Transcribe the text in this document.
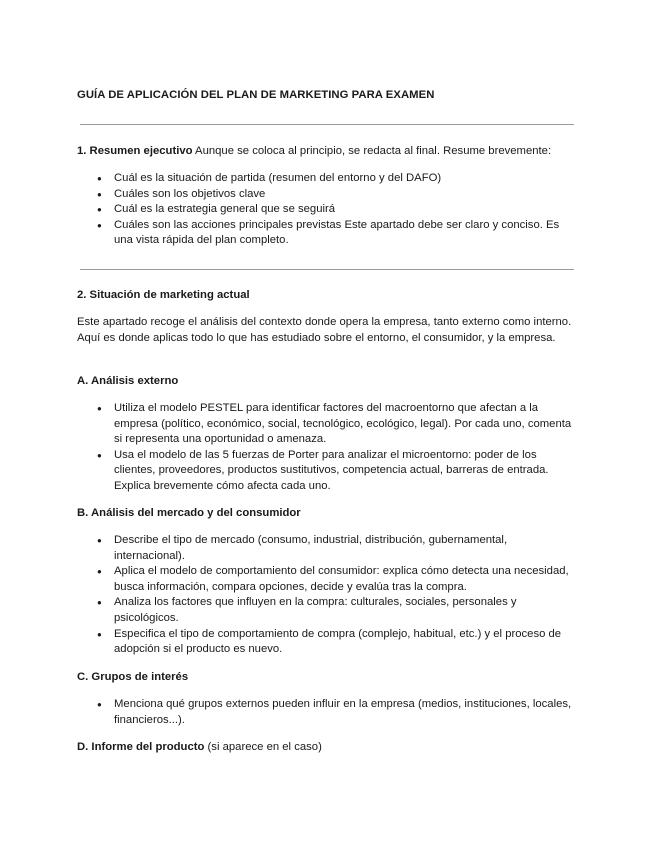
GUÍA DE APLICACIÓN DEL PLAN DE MARKETING PARA EXAMEN

1. Resumen ejecutivo Aunque se coloca al principio, se redacta al final. Resume brevemente:

● Cuál es la situación de partida (resumen del entorno y del DAFO)
● Cuáles son los objetivos clave
● Cuál es la estrategia general que se seguirá
● Cuáles son las acciones principales previstas Este apartado debe ser claro y conciso. Es una vista rápida del plan completo.

2. Situación de marketing actual

Este apartado recoge el análisis del contexto donde opera la empresa, tanto externo como interno. Aquí es donde aplicas todo lo que has estudiado sobre el entorno, el consumidor, y la empresa.

A. Análisis externo

● Utiliza el modelo PESTEL para identificar factores del macroentorno que afectan a la empresa (político, económico, social, tecnológico, ecológico, legal). Por cada uno, comenta si representa una oportunidad o amenaza.
● Usa el modelo de las 5 fuerzas de Porter para analizar el microentorno: poder de los clientes, proveedores, productos sustitutivos, competencia actual, barreras de entrada. Explica brevemente cómo afecta cada uno.

B. Análisis del mercado y del consumidor

● Describe el tipo de mercado (consumo, industrial, distribución, gubernamental, internacional).
● Aplica el modelo de comportamiento del consumidor: explica cómo detecta una necesidad, busca información, compara opciones, decide y evalúa tras la compra.
● Analiza los factores que influyen en la compra: culturales, sociales, personales y psicológicos.
● Especifica el tipo de comportamiento de compra (complejo, habitual, etc.) y el proceso de adopción si el producto es nuevo.

C. Grupos de interés

● Menciona qué grupos externos pueden influir en la empresa (medios, instituciones, locales, financieros...).

D. Informe del producto (si aparece en el caso)
